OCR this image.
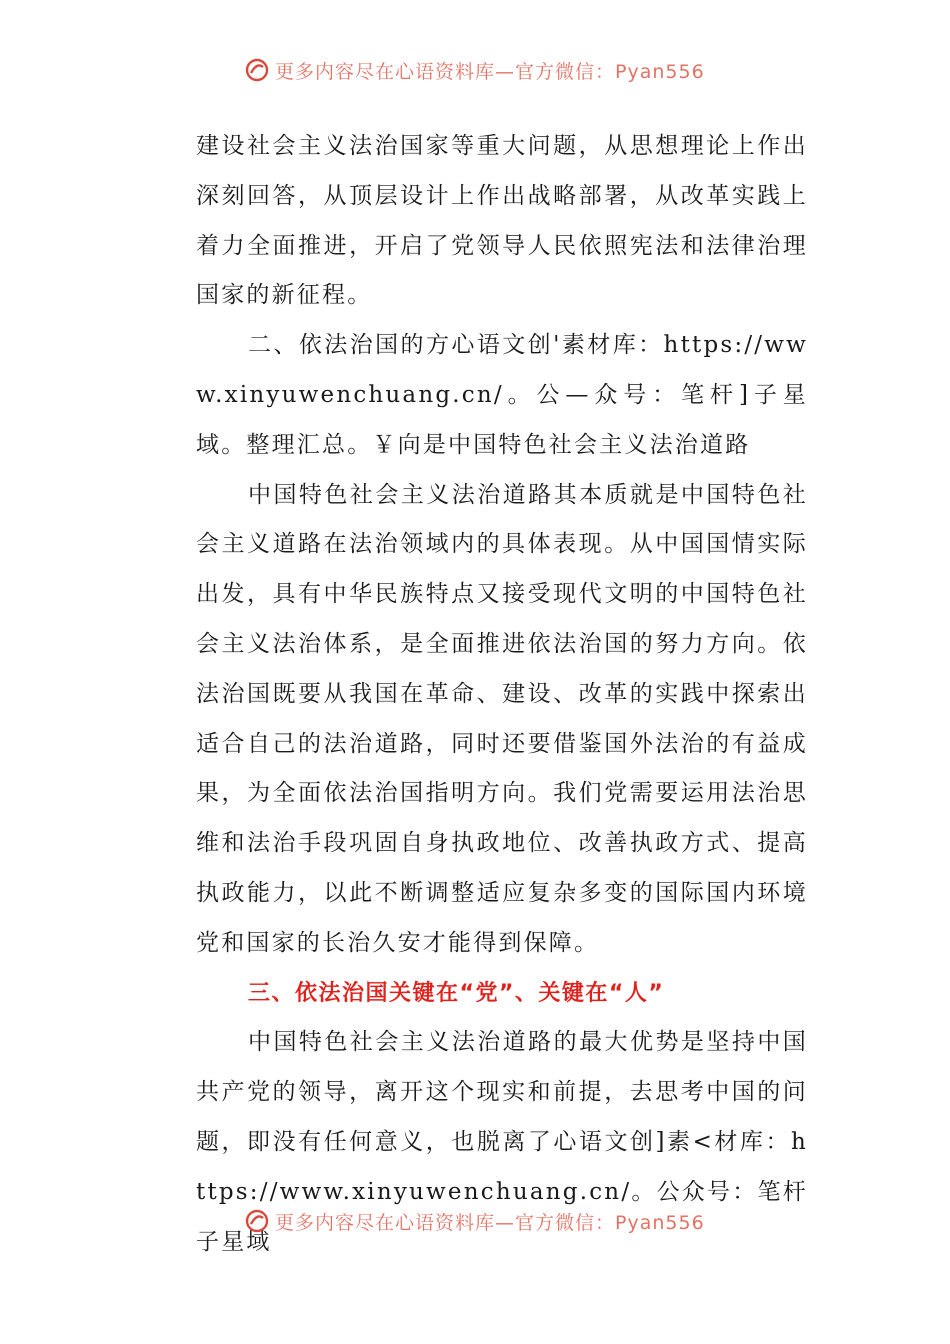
更多内容尽在心语资料库—官方微信：Pyan556

建设社会主义法治国家等重大问题，从思想理论上作出深刻回答，从顶层设计上作出战略部署，从改革实践上着力全面推进，开启了党领导人民依照宪法和法律治理国家的新征程。

二、依法治国的方心语文创'素材库：https://www.xinyuwenchuang.cn/。公—众号：笔杆]子星域。整理汇总。￥向是中国特色社会主义法治道路

中国特色社会主义法治道路其本质就是中国特色社会主义道路在法治领域内的具体表现。从中国国情实际出发，具有中华民族特点又接受现代文明的中国特色社会主义法治体系，是全面推进依法治国的努力方向。依法治国既要从我国在革命、建设、改革的实践中探索出适合自己的法治道路，同时还要借鉴国外法治的有益成果，为全面依法治国指明方向。我们党需要运用法治思维和法治手段巩固自身执政地位、改善执政方式、提高执政能力，以此不断调整适应复杂多变的国际国内环境党和国家的长治久安才能得到保障。

三、依法治国关键在“党”、关键在“人”

中国特色社会主义法治道路的最大优势是坚持中国共产党的领导，离开这个现实和前提，去思考中国的问题，即没有任何意义，也脱离了心语文创]素<材库：https://www.xinyuwenchuang.cn/。公众号：笔杆子星域

更多内容尽在心语资料库—官方微信：Pyan556
